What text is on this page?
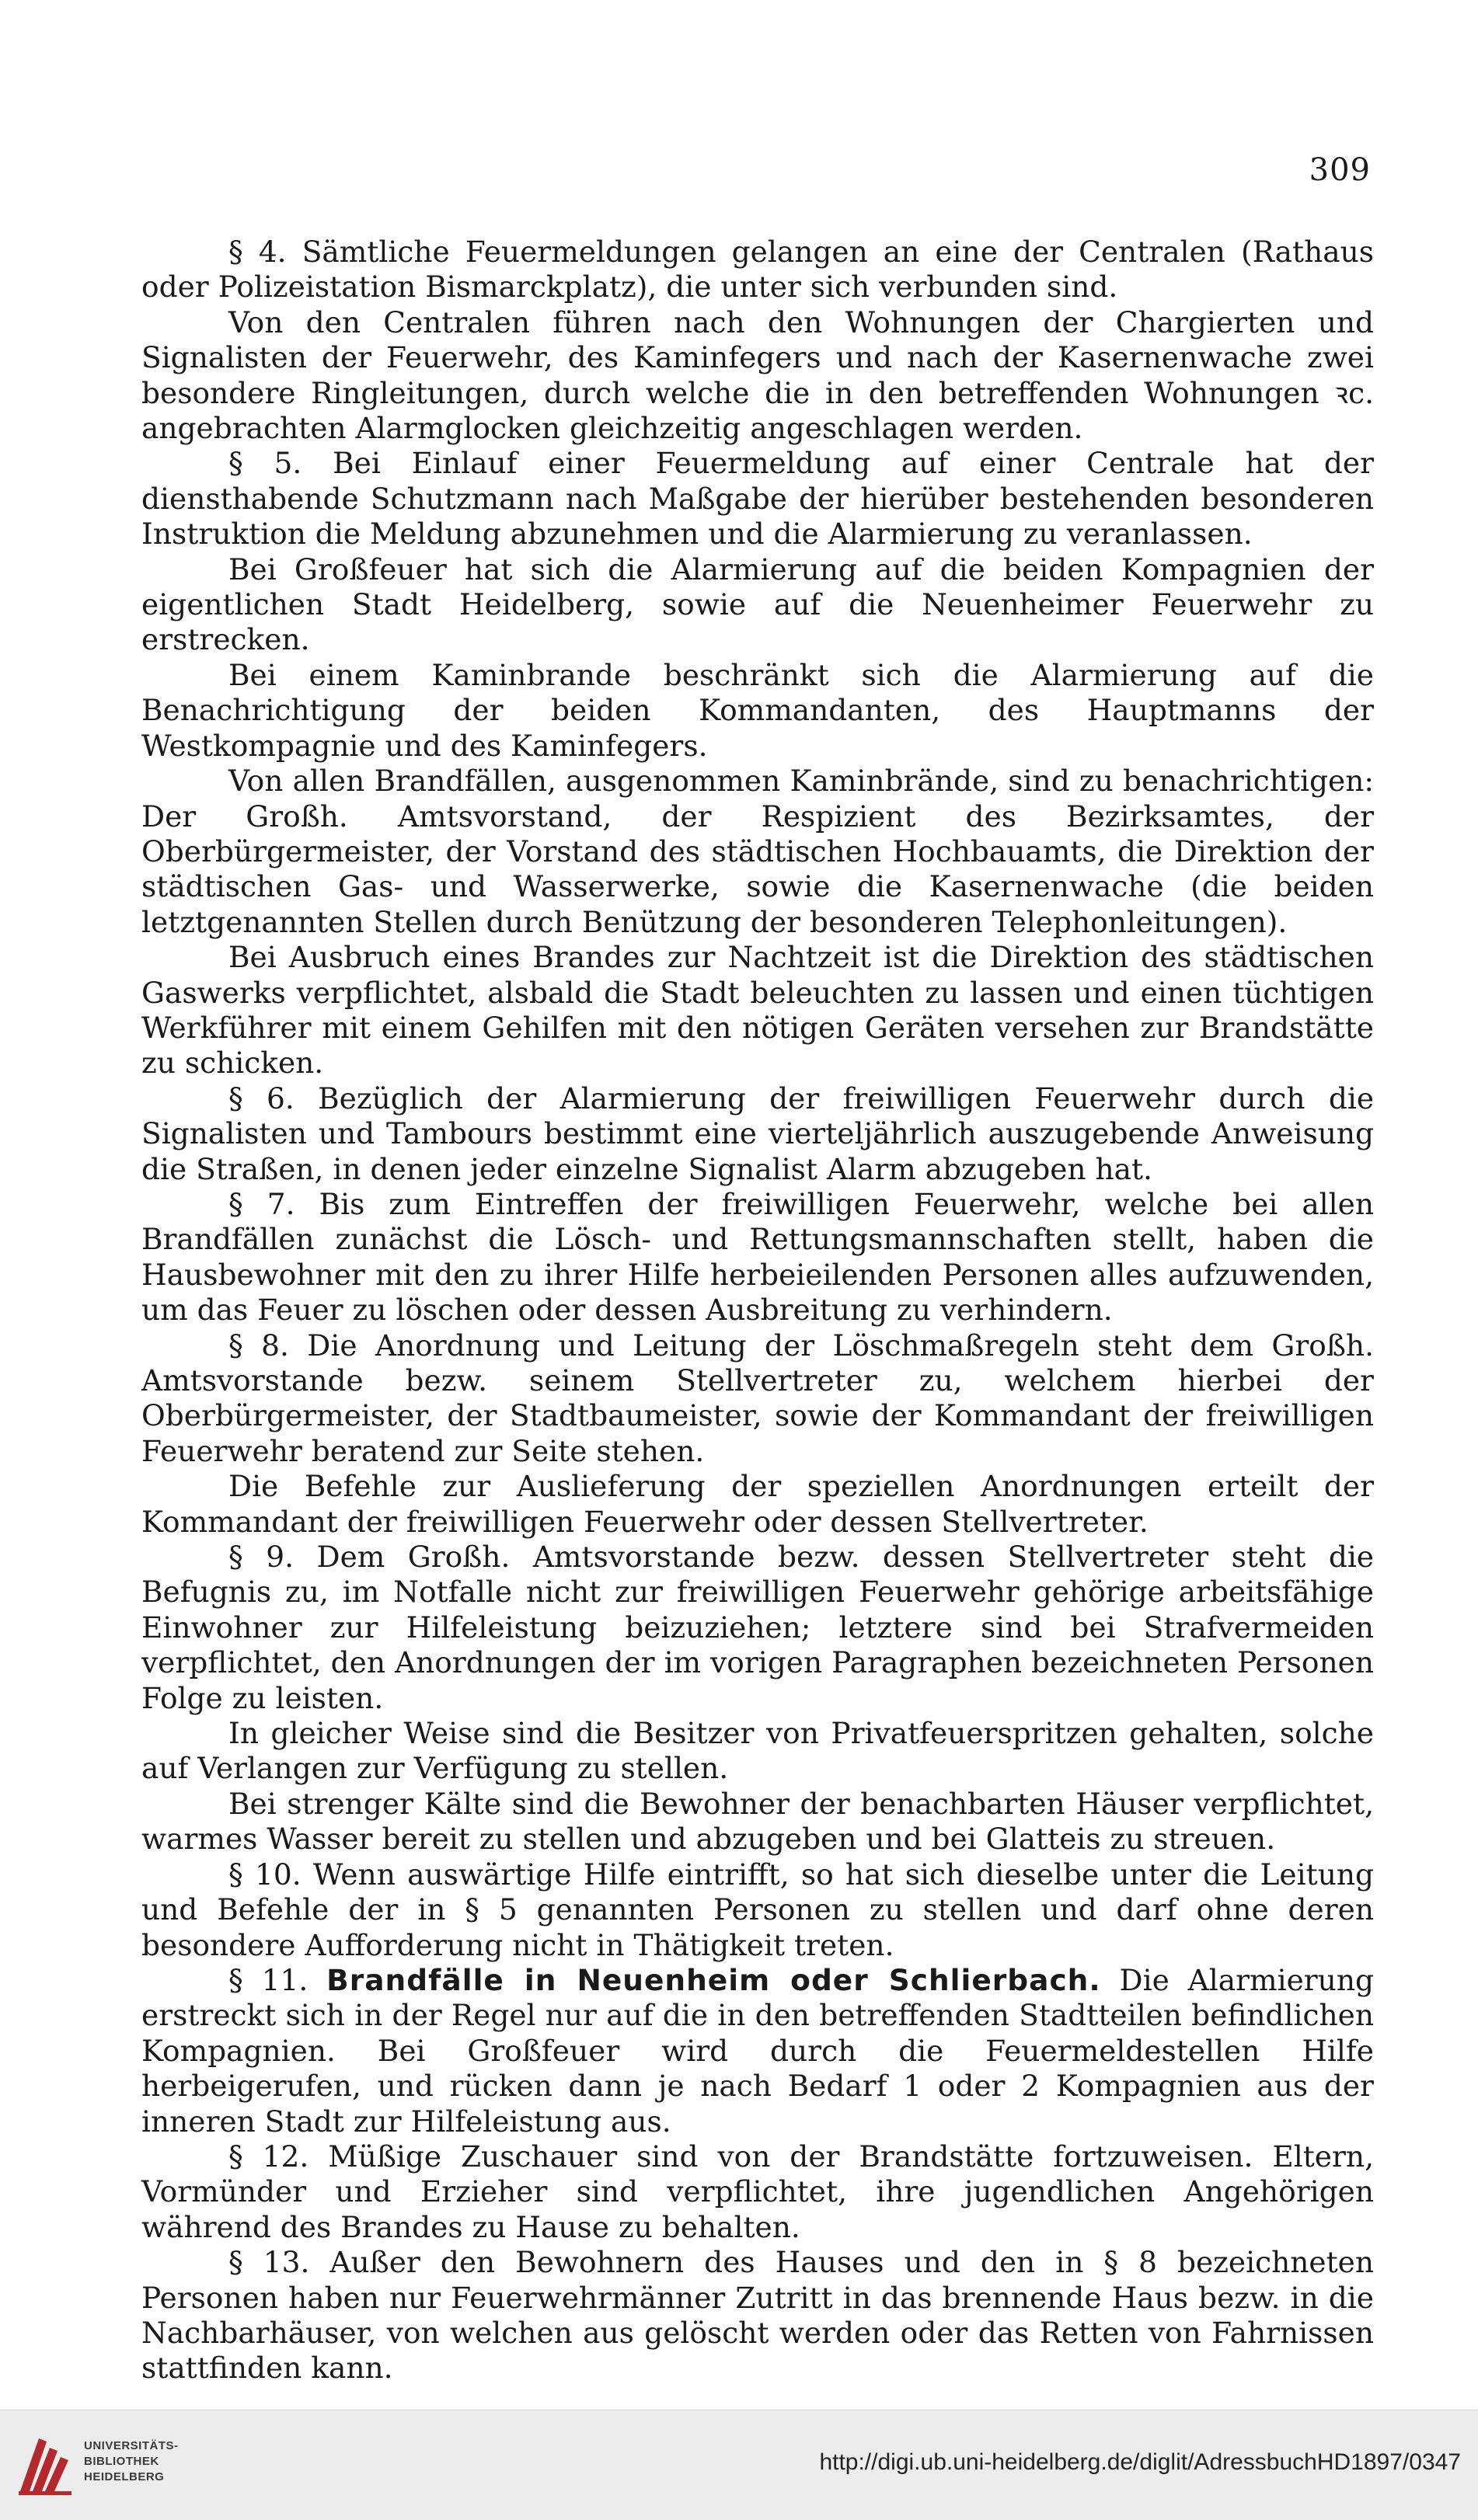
309

§ 4. Sämtliche Feuermeldungen gelangen an eine der Centralen (Rathaus oder Polizeistation Bismarckplatz), die unter sich verbunden sind.

Von den Centralen führen nach den Wohnungen der Chargierten und Signalisten der Feuerwehr, des Kaminfegers und nach der Kasernenwache zwei besondere Ringleitungen, durch welche die in den betreffenden Wohnungen ꝛc. angebrachten Alarmglocken gleichzeitig angeschlagen werden.

§ 5. Bei Einlauf einer Feuermeldung auf einer Centrale hat der diensthabende Schutzmann nach Maßgabe der hierüber bestehenden besonderen Instruktion die Meldung abzunehmen und die Alarmierung zu veranlassen.

Bei Großfeuer hat sich die Alarmierung auf die beiden Kompagnien der eigentlichen Stadt Heidelberg, sowie auf die Neuenheimer Feuerwehr zu erstrecken.

Bei einem Kaminbrande beschränkt sich die Alarmierung auf die Benachrichtigung der beiden Kommandanten, des Hauptmanns der Westkompagnie und des Kaminfegers.

Von allen Brandfällen, ausgenommen Kaminbrände, sind zu benachrichtigen: Der Großh. Amtsvorstand, der Respizient des Bezirksamtes, der Oberbürgermeister, der Vorstand des städtischen Hochbauamts, die Direktion der städtischen Gas- und Wasserwerke, sowie die Kasernenwache (die beiden letztgenannten Stellen durch Benützung der besonderen Telephonleitungen).

Bei Ausbruch eines Brandes zur Nachtzeit ist die Direktion des städtischen Gaswerks verpflichtet, alsbald die Stadt beleuchten zu lassen und einen tüchtigen Werkführer mit einem Gehilfen mit den nötigen Geräten versehen zur Brandstätte zu schicken.

§ 6. Bezüglich der Alarmierung der freiwilligen Feuerwehr durch die Signalisten und Tambours bestimmt eine vierteljährlich auszugebende Anweisung die Straßen, in denen jeder einzelne Signalist Alarm abzugeben hat.

§ 7. Bis zum Eintreffen der freiwilligen Feuerwehr, welche bei allen Brandfällen zunächst die Lösch- und Rettungsmannschaften stellt, haben die Hausbewohner mit den zu ihrer Hilfe herbeieilenden Personen alles aufzuwenden, um das Feuer zu löschen oder dessen Ausbreitung zu verhindern.

§ 8. Die Anordnung und Leitung der Löschmaßregeln steht dem Großh. Amtsvorstande bezw. seinem Stellvertreter zu, welchem hierbei der Oberbürgermeister, der Stadtbaumeister, sowie der Kommandant der freiwilligen Feuerwehr beratend zur Seite stehen.

Die Befehle zur Auslieferung der speziellen Anordnungen erteilt der Kommandant der freiwilligen Feuerwehr oder dessen Stellvertreter.

§ 9. Dem Großh. Amtsvorstande bezw. dessen Stellvertreter steht die Befugnis zu, im Notfalle nicht zur freiwilligen Feuerwehr gehörige arbeitsfähige Einwohner zur Hilfeleistung beizuziehen; letztere sind bei Strafvermeiden verpflichtet, den Anordnungen der im vorigen Paragraphen bezeichneten Personen Folge zu leisten.

In gleicher Weise sind die Besitzer von Privatfeuerspritzen gehalten, solche auf Verlangen zur Verfügung zu stellen.

Bei strenger Kälte sind die Bewohner der benachbarten Häuser verpflichtet, warmes Wasser bereit zu stellen und abzugeben und bei Glatteis zu streuen.

§ 10. Wenn auswärtige Hilfe eintrifft, so hat sich dieselbe unter die Leitung und Befehle der in § 5 genannten Personen zu stellen und darf ohne deren besondere Aufforderung nicht in Thätigkeit treten.

§ 11. Brandfälle in Neuenheim oder Schlierbach. Die Alarmierung erstreckt sich in der Regel nur auf die in den betreffenden Stadtteilen befindlichen Kompagnien. Bei Großfeuer wird durch die Feuermeldestellen Hilfe herbeigerufen, und rücken dann je nach Bedarf 1 oder 2 Kompagnien aus der inneren Stadt zur Hilfeleistung aus.

§ 12. Müßige Zuschauer sind von der Brandstätte fortzuweisen. Eltern, Vormünder und Erzieher sind verpflichtet, ihre jugendlichen Angehörigen während des Brandes zu Hause zu behalten.

§ 13. Außer den Bewohnern des Hauses und den in § 8 bezeichneten Personen haben nur Feuerwehrmänner Zutritt in das brennende Haus bezw. in die Nachbarhäuser, von welchen aus gelöscht werden oder das Retten von Fahrnissen stattfinden kann.

UNIVERSITÄTS-
BIBLIOTHEK
HEIDELBERG
http://digi.ub.uni-heidelberg.de/diglit/AdressbuchHD1897/0347
